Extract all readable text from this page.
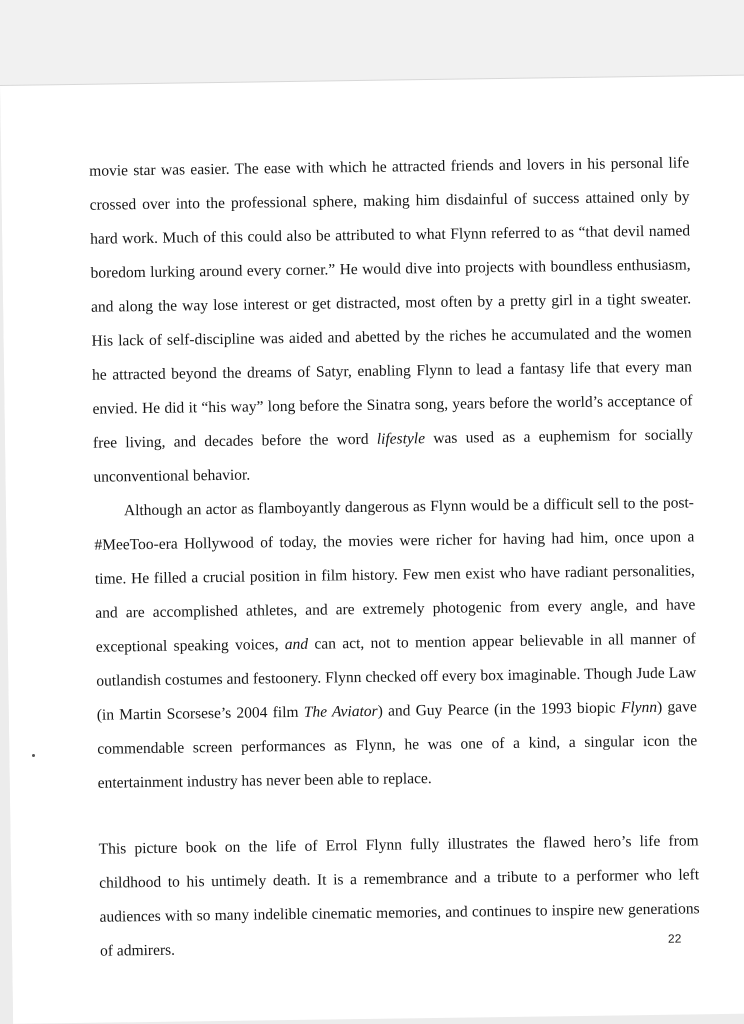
movie star was easier. The ease with which he attracted friends and lovers in his personal life crossed over into the professional sphere, making him disdainful of success attained only by hard work. Much of this could also be attributed to what Flynn referred to as “that devil named boredom lurking around every corner.” He would dive into projects with boundless enthusiasm, and along the way lose interest or get distracted, most often by a pretty girl in a tight sweater. His lack of self-discipline was aided and abetted by the riches he accumulated and the women he attracted beyond the dreams of Satyr, enabling Flynn to lead a fantasy life that every man envied. He did it “his way” long before the Sinatra song, years before the world’s acceptance of free living, and decades before the word lifestyle was used as a euphemism for socially unconventional behavior.

Although an actor as flamboyantly dangerous as Flynn would be a difficult sell to the post-#MeeToo-era Hollywood of today, the movies were richer for having had him, once upon a time. He filled a crucial position in film history. Few men exist who have radiant personalities, and are accomplished athletes, and are extremely photogenic from every angle, and have exceptional speaking voices, and can act, not to mention appear believable in all manner of outlandish costumes and festoonery. Flynn checked off every box imaginable. Though Jude Law (in Martin Scorsese’s 2004 film The Aviator) and Guy Pearce (in the 1993 biopic Flynn) gave commendable screen performances as Flynn, he was one of a kind, a singular icon the entertainment industry has never been able to replace.

This picture book on the life of Errol Flynn fully illustrates the flawed hero’s life from childhood to his untimely death. It is a remembrance and a tribute to a performer who left audiences with so many indelible cinematic memories, and continues to inspire new generations of admirers.

22
